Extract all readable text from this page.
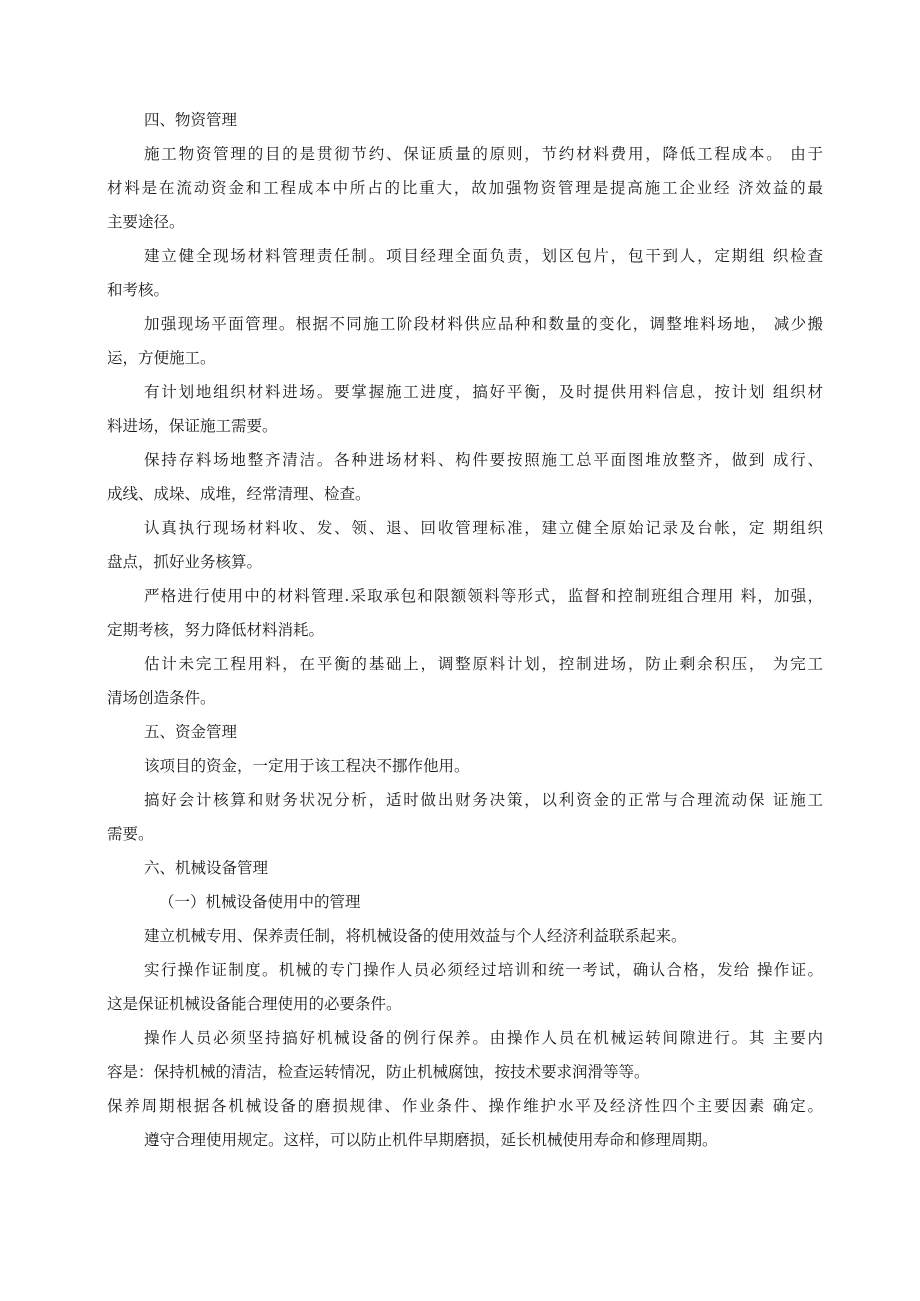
四、物资管理

施工物资管理的目的是贯彻节约、保证质量的原则，节约材料费用，降低工程成本。 由于

材料是在流动资金和工程成本中所占的比重大，故加强物资管理是提高施工企业经 济效益的最

主要途径。

建立健全现场材料管理责任制。项目经理全面负责，划区包片，包干到人，定期组 织检查

和考核。

加强现场平面管理。根据不同施工阶段材料供应品种和数量的变化，调整堆料场地， 减少搬

运，方便施工。

有计划地组织材料进场。要掌握施工进度，搞好平衡，及时提供用料信息，按计划 组织材

料进场，保证施工需要。

保持存料场地整齐清洁。各种进场材料、构件要按照施工总平面图堆放整齐，做到 成行、

成线、成垛、成堆，经常清理、检查。

认真执行现场材料收、发、领、退、回收管理标准，建立健全原始记录及台帐，定 期组织

盘点，抓好业务核算。

严格进行使用中的材料管理.采取承包和限额领料等形式，监督和控制班组合理用 料，加强，

定期考核，努力降低材料消耗。

估计未完工程用料，在平衡的基础上，调整原料计划，控制进场，防止剩余积压， 为完工

清场创造条件。

五、资金管理

该项目的资金，一定用于该工程决不挪作他用。

搞好会计核算和财务状况分析，适时做出财务决策，以利资金的正常与合理流动保 证施工

需要。

六、机械设备管理

（一）机械设备使用中的管理

建立机械专用、保养责任制，将机械设备的使用效益与个人经济利益联系起来。

实行操作证制度。机械的专门操作人员必须经过培训和统一考试，确认合格，发给 操作证。

这是保证机械设备能合理使用的必要条件。

操作人员必须坚持搞好机械设备的例行保养。由操作人员在机械运转间隙进行。其 主要内

容是：保持机械的清洁，检查运转情况，防止机械腐蚀，按技术要求润滑等等。

保养周期根据各机械设备的磨损规律、作业条件、操作维护水平及经济性四个主要因素 确定。

遵守合理使用规定。这样，可以防止机件早期磨损，延长机械使用寿命和修理周期。
